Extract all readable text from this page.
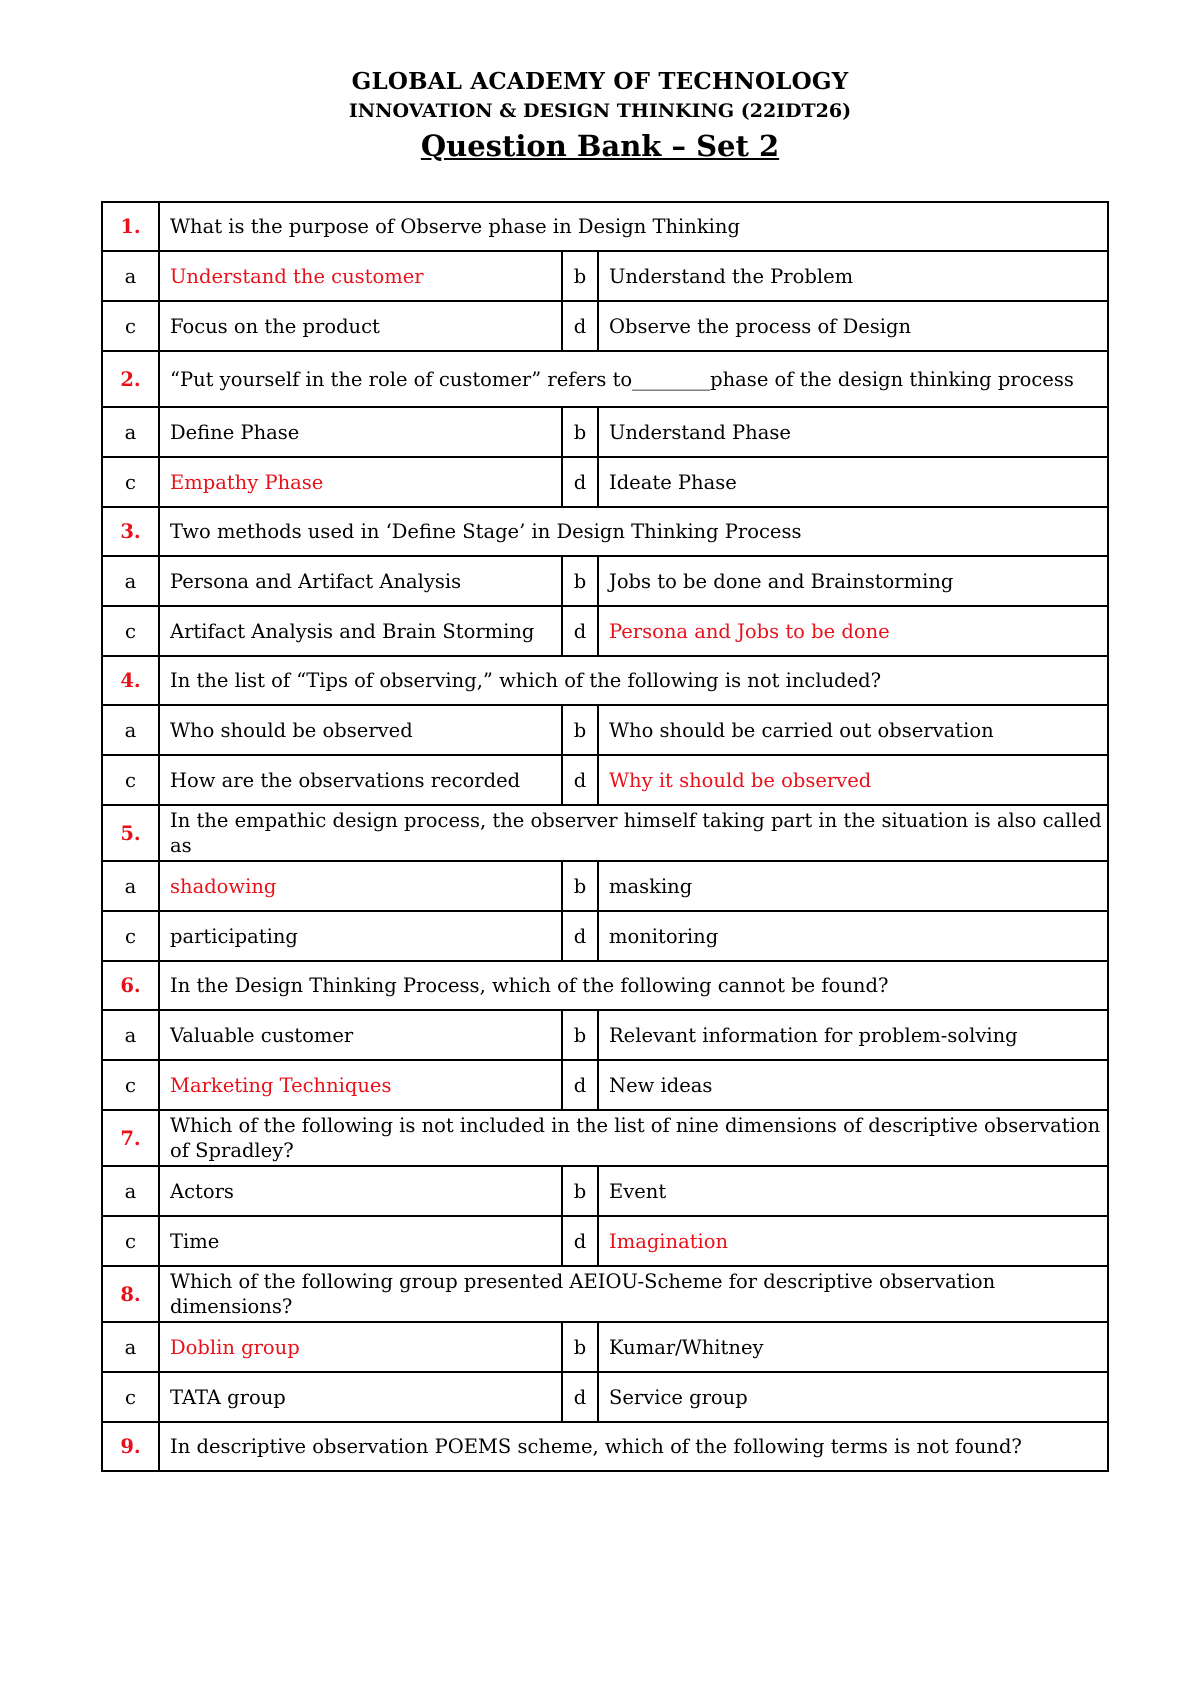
GLOBAL ACADEMY OF TECHNOLOGY
INNOVATION & DESIGN THINKING (22IDT26)
Question Bank – Set 2
1.	What is the purpose of Observe phase in Design Thinking		
a	Understand the customer	b	Understand the Problem
c	Focus on the product	d	Observe the process of Design
2.	“Put yourself in the role of customer” refers to________phase of the design thinking process		
a	Define Phase	b	Understand Phase
c	Empathy Phase	d	Ideate Phase
3.	Two methods used in ‘Define Stage’ in Design Thinking Process		
a	Persona and Artifact Analysis	b	Jobs to be done and Brainstorming
c	Artifact Analysis and Brain Storming	d	Persona and Jobs to be done
4.	In the list of “Tips of observing,” which of the following is not included?		
a	Who should be observed	b	Who should be carried out observation
c	How are the observations recorded	d	Why it should be observed
5.	In the empathic design process, the observer himself taking part in the situation is also called as		
a	shadowing	b	masking
c	participating	d	monitoring
6.	In the Design Thinking Process, which of the following cannot be found?		
a	Valuable customer	b	Relevant information for problem-solving
c	Marketing Techniques	d	New ideas
7.	Which of the following is not included in the list of nine dimensions of descriptive observation of Spradley?		
a	Actors	b	Event
c	Time	d	Imagination
8.	Which of the following group presented AEIOU-Scheme for descriptive observation dimensions?		
a	Doblin group	b	Kumar/Whitney
c	TATA group	d	Service group
9.	In descriptive observation POEMS scheme, which of the following terms is not found?		
